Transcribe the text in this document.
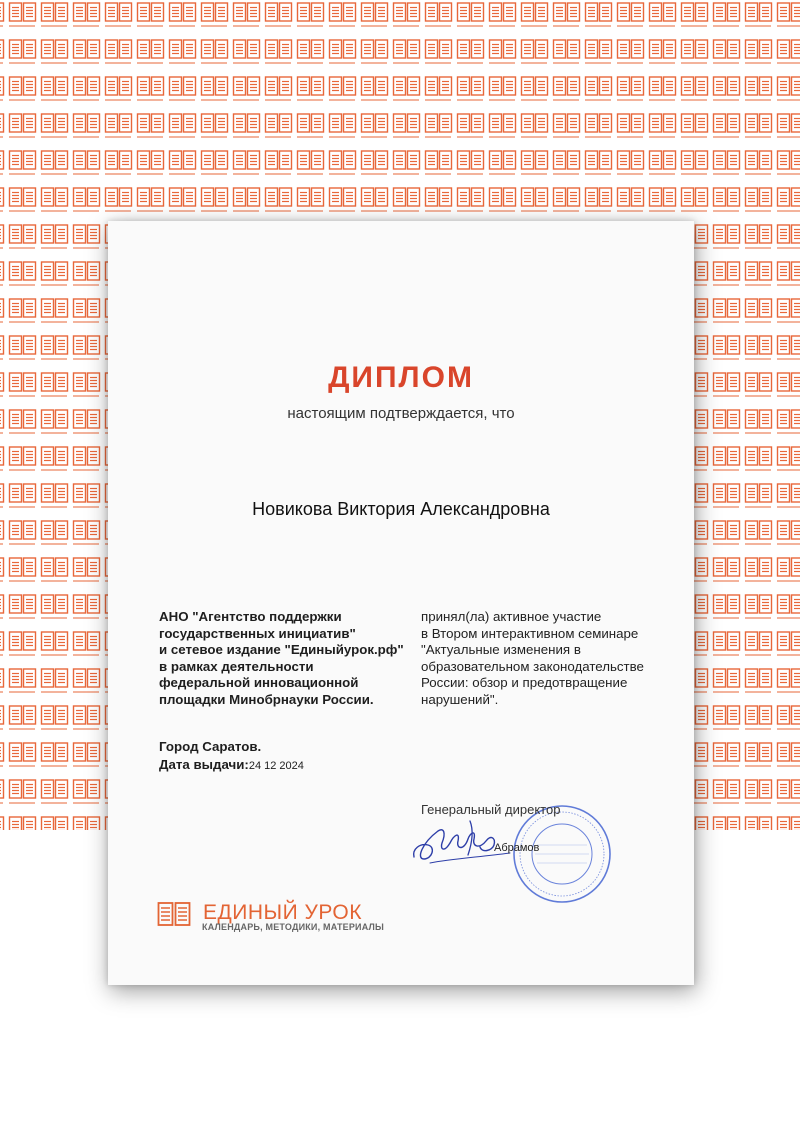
ДИПЛОМ
настоящим подтверждается, что
Новикова Виктория Александровна
АНО "Агентство поддержки
государственных инициатив"
и сетевое издание "Единыйурок.рф"
в рамках деятельности
федеральной инновационной
площадки Минобрнауки России.
принял(ла) активное участие
в Втором интерактивном семинаре
"Актуальные изменения в
образовательном законодательстве
России: обзор и предотвращение
нарушений".
Город Саратов.
Дата выдачи:24 12 2024
Генеральный директор
Абрамов
ЕДИНЫЙ УРОК
КАЛЕНДАРЬ, МЕТОДИКИ, МАТЕРИАЛЫ
